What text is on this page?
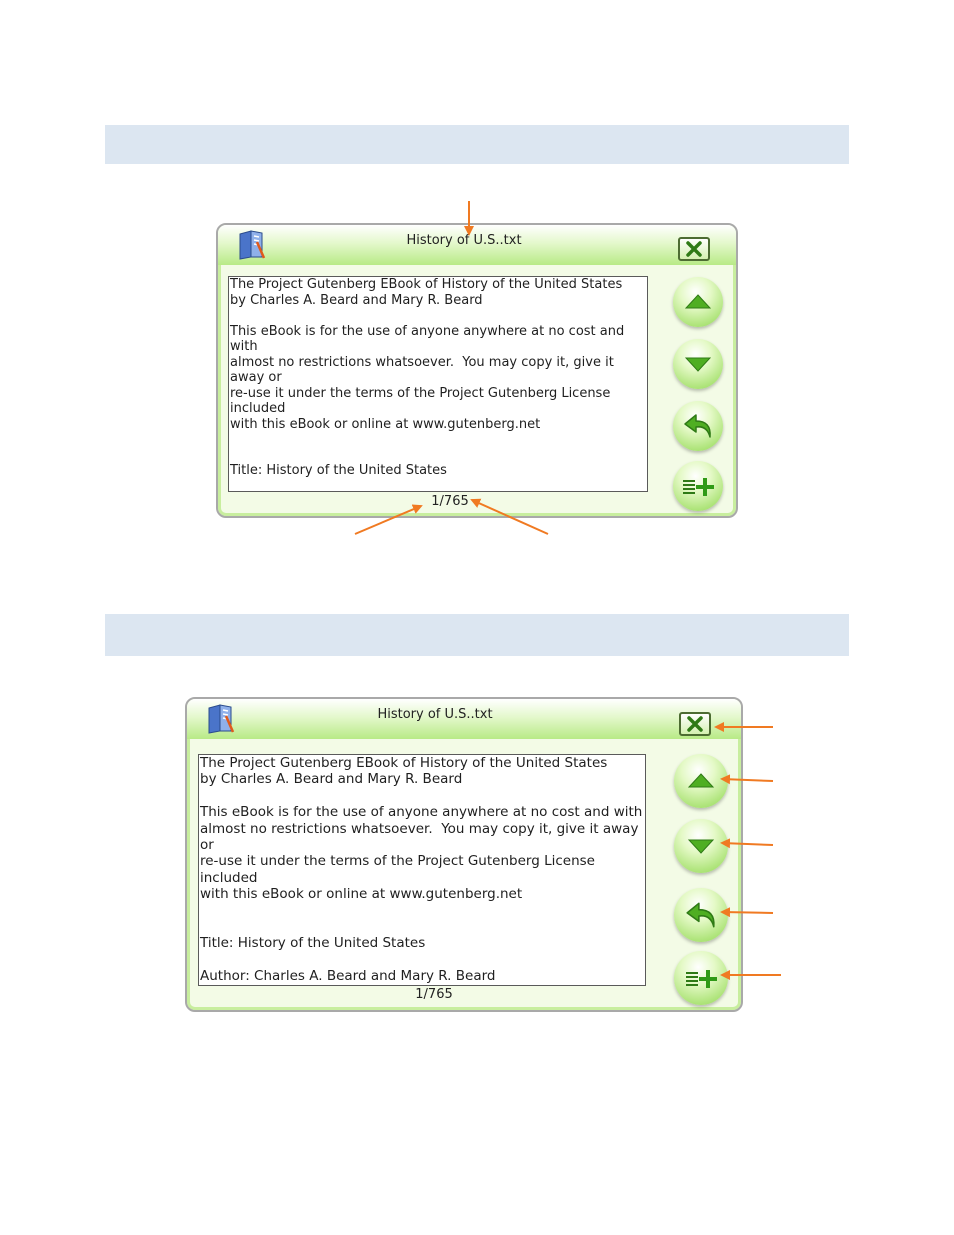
History of U.S..txt
The Project Gutenberg EBook of History of the United States
by Charles A. Beard and Mary R. Beard

This eBook is for the use of anyone anywhere at no cost and with
almost no restrictions whatsoever.  You may copy it, give it away or
re-use it under the terms of the Project Gutenberg License included
with this eBook or online at www.gutenberg.net

Title: History of the United States

1/765
History of U.S..txt
The Project Gutenberg EBook of History of the United States
by Charles A. Beard and Mary R. Beard

This eBook is for the use of anyone anywhere at no cost and with
almost no restrictions whatsoever.  You may copy it, give it away or
re-use it under the terms of the Project Gutenberg License included
with this eBook or online at www.gutenberg.net

Title: History of the United States

Author: Charles A. Beard and Mary R. Beard
1/765
